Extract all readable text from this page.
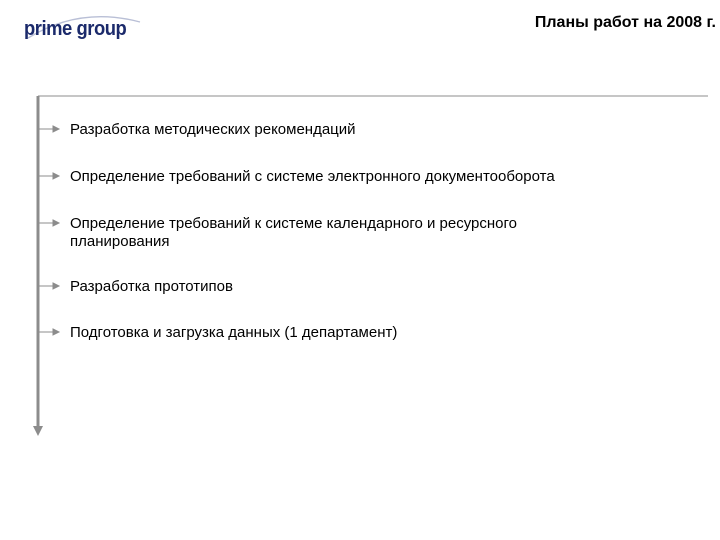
prime group	Планы работ на 2008 г.
Разработка методических рекомендаций
Определение требований с системе электронного документооборота
Определение требований к системе календарного и ресурсного планирования
Разработка прототипов
Подготовка и загрузка данных (1 департамент)
